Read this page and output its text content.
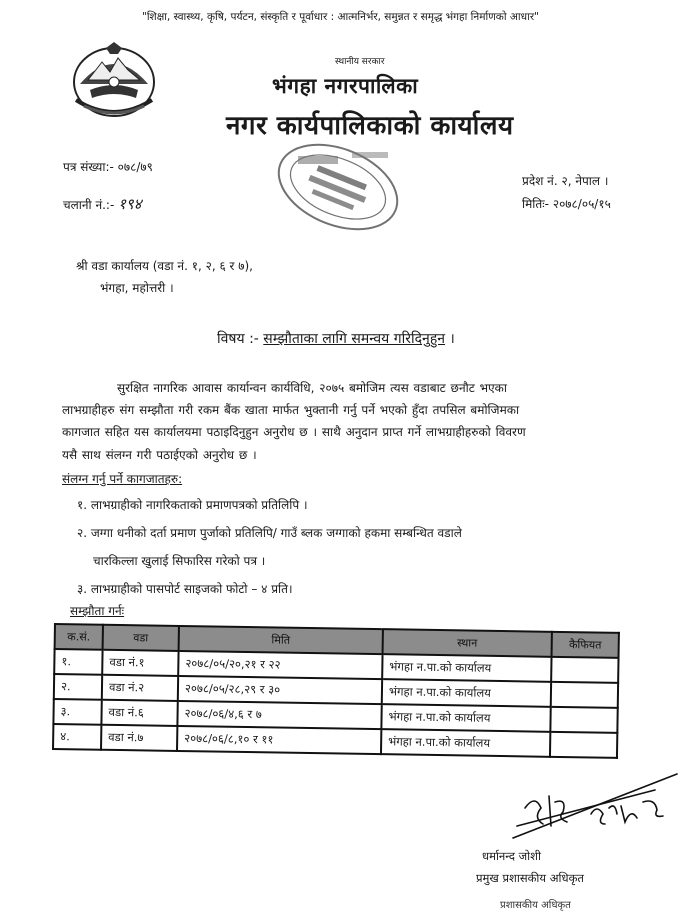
"शिक्षा, स्वास्थ्य, कृषि, पर्यटन, संस्कृति र पूर्वाधार : आत्मनिर्भर, समुन्नत र समृद्ध भंगहा निर्माणको आधार"
स्थानीय सरकार
भंगहा नगरपालिका
नगर कार्यपालिकाको कार्यालय
पत्र संख्या:- ०७८/७९
चलानी नं.:- १९४
प्रदेश नं. २, नेपाल ।
मितिः- २०७८/०५/१५
श्री वडा कार्यालय (वडा नं. १, २, ६ र ७),
भंगहा, महोत्तरी ।
विषय :- सम्झौताका लागि समन्वय गरिदिनुहुन ।
सुरक्षित नागरिक आवास कार्यान्वन कार्यविधि, २०७५ बमोजिम त्यस वडाबाट छनौट भएका
लाभग्राहीहरु संग सम्झौता गरी रकम बैंक खाता मार्फत भुक्तानी गर्नु पर्ने भएको हुँदा तपसिल बमोजिमका
कागजात सहित यस कार्यालयमा पठाइदिनुहुन अनुरोध छ । साथै अनुदान प्राप्त गर्ने लाभग्राहीहरुको विवरण
यसै साथ संलग्न गरी पठाईएको अनुरोध छ ।
संलग्न गर्नु पर्ने कागजातहरु:
१. लाभग्राहीको नागरिकताको प्रमाणपत्रको प्रतिलिपि ।
२. जग्गा धनीको दर्ता प्रमाण पुर्जाको प्रतिलिपि/ गाउँ ब्लक जग्गाको हकमा सम्बन्धित वडाले
चारकिल्ला खुलाई सिफारिस गरेको पत्र ।
३. लाभग्राहीको पासपोर्ट साइजको फोटो – ४ प्रति।
सम्झौता गर्नः
क.सं.	वडा	मिति	स्थान	कैफियत
१.	वडा नं.१	२०७८/०५/२०,२१ र २२	भंगहा न.पा.को कार्यालय	
२.	वडा नं.२	२०७८/०५/२८,२९ र ३०	भंगहा न.पा.को कार्यालय	
३.	वडा नं.६	२०७८/०६/४,६ र ७	भंगहा न.पा.को कार्यालय	
४.	वडा नं.७	२०७८/०६/८,१० र ११	भंगहा न.पा.को कार्यालय	
धर्मानन्द जोशी
प्रमुख प्रशासकीय अधिकृत
प्रशासकीय अधिकृत
